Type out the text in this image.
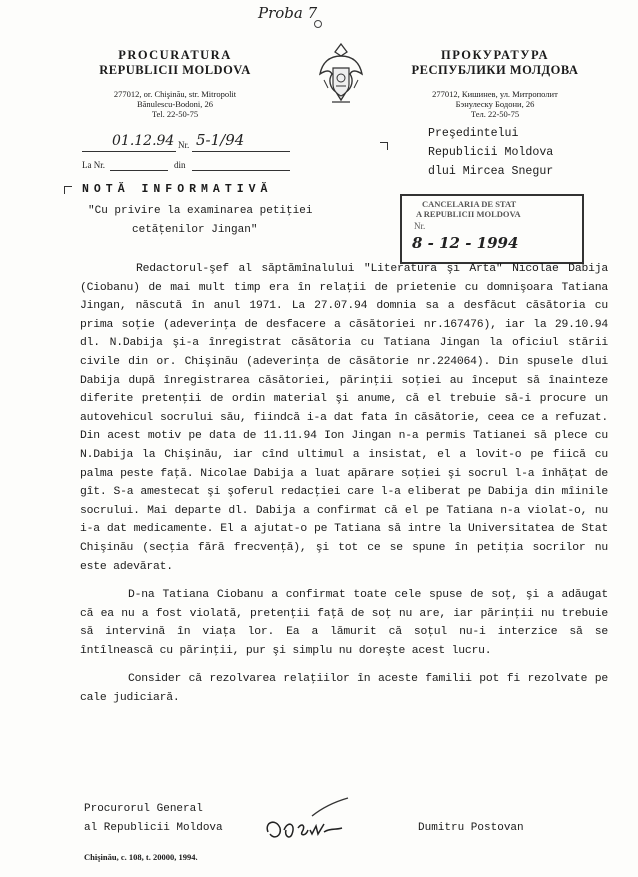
Proba 7
PROCURATURA
REPUBLICII MOLDOVA
277012, or. Chişinău, str. Mitropolit
Bănulescu-Bodoni, 26
Tel. 22-50-75
ПРОКУРАТУРА
РЕСПУБЛИКИ МОЛДОВА
277012, Кишинев, ул. Митрополит
Бэнулеску Бодони, 26
Тел. 22-50-75
01.12.94 Nr. 5-1/94
La Nr.	din
Preşedintelui
Republicii Moldova
dlui Mircea Snegur
CANCELARIA DE STAT
A REPUBLICII MOLDOVA
Nr.
8 - 12 - 1994
NOTĂ INFORMATIVĂ
"Cu privire la examinarea petiţiei
cetăţenilor Jingan"

Redactorul-şef al săptămînalului "Literatura şi Arta" Nicolae Dabija (Ciobanu) de mai mult timp era în relaţii de prietenie cu domnişoara Tatiana Jingan, născută în anul 1971. La 27.07.94 domnia sa a desfăcut căsătoria cu prima soţie (adeverinţa de desfacere a căsătoriei nr.167476), iar la 29.10.94 dl. N.Dabija şi-a înregistrat căsătoria cu Tatiana Jingan la oficiul stării civile din or. Chişinău (adeverinţa de căsătorie nr.224064). Din spusele dlui Dabija după înregistrarea căsătoriei, părinţii soţiei au început să înainteze diferite pretenţii de ordin material şi anume, că el trebuie să-i procure un autovehicul socrului său, fiindcă i-a dat fata în căsătorie, ceea ce a refuzat. Din acest motiv pe data de 11.11.94 Ion Jingan n-a permis Tatianei să plece cu N.Dabija la Chişinău, iar cînd ultimul a insistat, el a lovit-o pe fiică cu palma peste faţă. Nicolae Dabija a luat apărare soţiei şi socrul l-a înhăţat de gît. S-a amestecat şi şoferul redacţiei care l-a eliberat pe Dabija din mîinile socrului. Mai departe dl. Dabija a confirmat că el pe Tatiana n-a violat-o, nu i-a dat medicamente. El a ajutat-o pe Tatiana să intre la Universitatea de Stat Chişinău (secţia fără frecvenţă), şi tot ce se spune în petiţia socrilor nu este adevărat.

D-na Tatiana Ciobanu a confirmat toate cele spuse de soţ, şi a adăugat că ea nu a fost violată, pretenţii faţă de soţ nu are, iar părinţii nu trebuie să intervină în viaţa lor. Ea a lămurit că soţul nu-i interzice să se întîlnească cu părinţii, pur şi simplu nu doreşte acest lucru.

Consider că rezolvarea relaţiilor în aceste familii pot fi rezolvate pe cale judiciară.

Procurorul General
al Republicii Moldova	Dumitru Postovan
Chişinău, c. 108, t. 20000, 1994.
